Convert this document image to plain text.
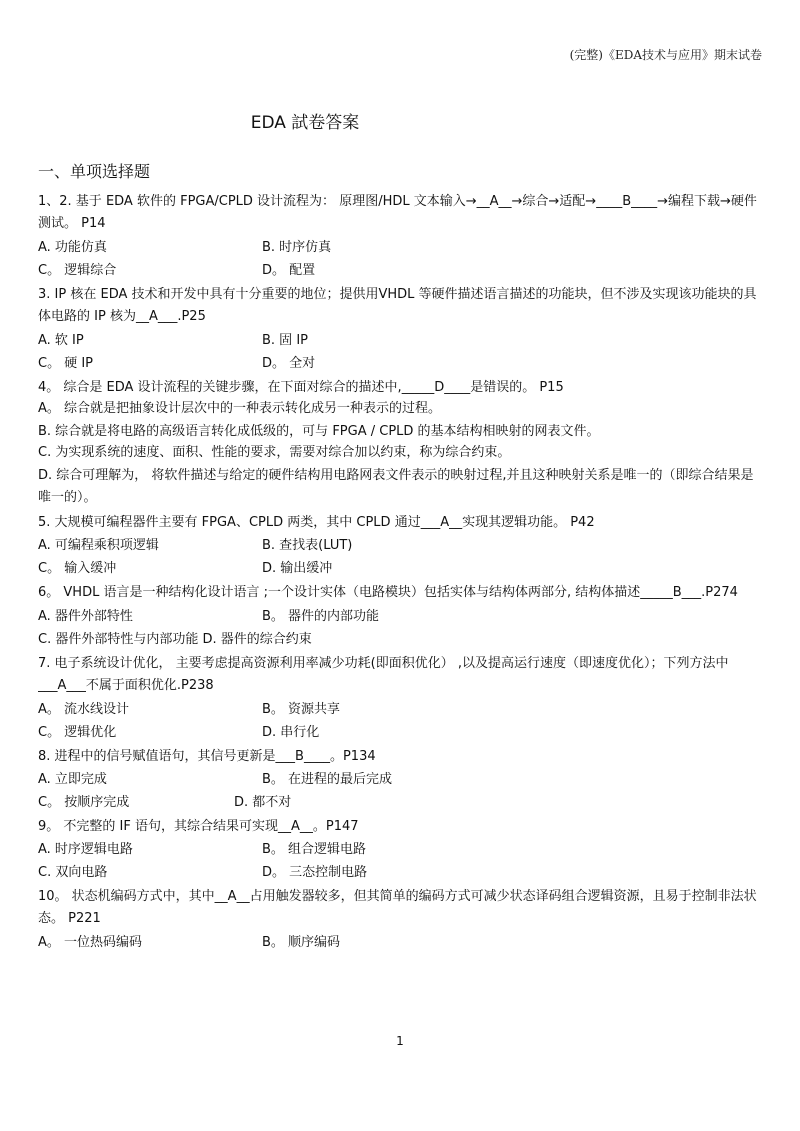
(完整)《EDA技术与应用》期末试卷
EDA 試卷答案
一、单项选择题
1、2. 基于 EDA 软件的 FPGA/CPLD 设计流程为： 原理图/HDL 文本输入→__A__→综合→适配→____B____→编程下载→硬件测试。 P14
A. 功能仿真	B. 时序仿真
C。 逻辑综合	D。 配置
3. IP 核在 EDA 技术和开发中具有十分重要的地位；提供用VHDL 等硬件描述语言描述的功能块，但不涉及实现该功能块的具体电路的 IP 核为__A___.P25
A. 软 IP	B. 固 IP
C。 硬 IP	D。 全对
4。 综合是 EDA 设计流程的关键步骤，在下面对综合的描述中,_____D____是错误的。 P15
A。 综合就是把抽象设计层次中的一种表示转化成另一种表示的过程。
B. 综合就是将电路的高级语言转化成低级的，可与 FPGA / CPLD 的基本结构相映射的网表文件。
C. 为实现系统的速度、面积、性能的要求，需要对综合加以约束，称为综合约束。
D. 综合可理解为， 将软件描述与给定的硬件结构用电路网表文件表示的映射过程,并且这种映射关系是唯一的（即综合结果是唯一的）。
5. 大规模可编程器件主要有 FPGA、CPLD 两类，其中 CPLD 通过___A__实现其逻辑功能。 P42
A. 可编程乘积项逻辑	B. 查找表(LUT)
C。 输入缓冲	D. 输出缓冲
6。 VHDL 语言是一种结构化设计语言 ;一个设计实体（电路模块）包括实体与结构体两部分, 结构体描述_____B___.P274
A. 器件外部特性	B。 器件的内部功能
C. 器件外部特性与内部功能 D. 器件的综合约束
7. 电子系统设计优化， 主要考虑提高资源利用率减少功耗(即面积优化） ,以及提高运行速度（即速度优化）；下列方法中___A___不属于面积优化.P238
A。 流水线设计	B。 资源共享
C。 逻辑优化	D. 串行化
8. 进程中的信号赋值语句，其信号更新是___B____。P134
A. 立即完成	B。 在进程的最后完成
C。 按顺序完成	D. 都不对
9。 不完整的 IF 语句，其综合结果可实现__A__。P147
A. 时序逻辑电路	B。 组合逻辑电路
C. 双向电路	D。 三态控制电路
10。 状态机编码方式中，其中__A__占用触发器较多，但其简单的编码方式可减少状态译码组合逻辑资源，且易于控制非法状态。 P221
A。 一位热码编码	B。 顺序编码
1
